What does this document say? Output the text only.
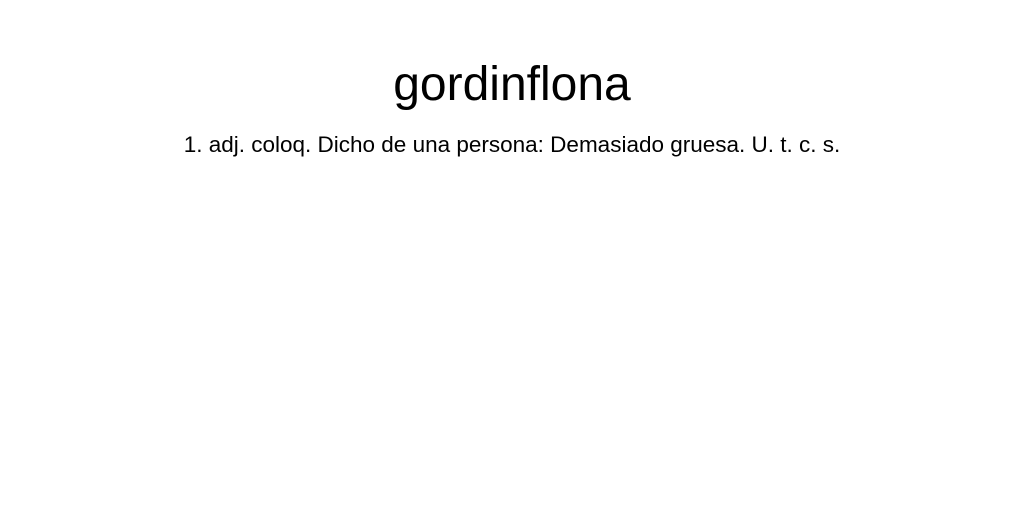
gordinflona

1. adj. coloq. Dicho de una persona: Demasiado gruesa. U. t. c. s.
